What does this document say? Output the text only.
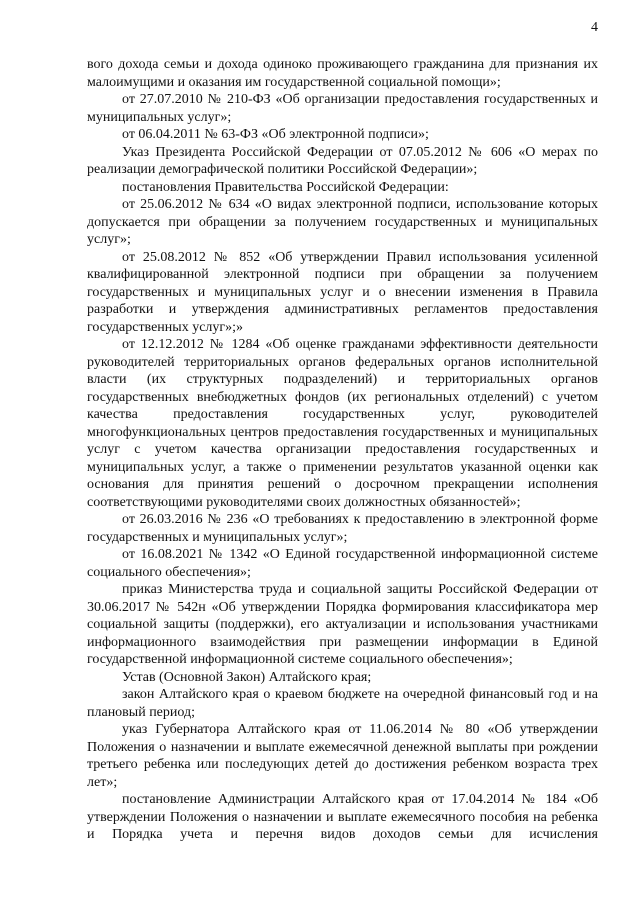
4

вого дохода семьи и дохода одиноко проживающего гражданина для признания их малоимущими и оказания им государственной социальной помощи»;

от 27.07.2010 № 210-ФЗ «Об организации предоставления государственных и муниципальных услуг»;

от 06.04.2011 № 63-ФЗ «Об электронной подписи»;

Указ Президента Российской Федерации от 07.05.2012 № 606 «О мерах по реализации демографической политики Российской Федерации»;

постановления Правительства Российской Федерации:

от 25.06.2012 № 634 «О видах электронной подписи, использование которых допускается при обращении за получением государственных и муниципальных услуг»;

от 25.08.2012 № 852 «Об утверждении Правил использования усиленной квалифицированной электронной подписи при обращении за получением государственных и муниципальных услуг и о внесении изменения в Правила разработки и утверждения административных регламентов предоставления государственных услуг»;»

от 12.12.2012 № 1284 «Об оценке гражданами эффективности деятельности руководителей территориальных органов федеральных органов исполнительной власти (их структурных подразделений) и территориальных органов государственных внебюджетных фондов (их региональных отделений) с учетом качества предоставления государственных услуг, руководителей многофункциональных центров предоставления государственных и муниципальных услуг с учетом качества организации предоставления государственных и муниципальных услуг, а также о применении результатов указанной оценки как основания для принятия решений о досрочном прекращении исполнения соответствующими руководителями своих должностных обязанностей»;

от 26.03.2016 № 236 «О требованиях к предоставлению в электронной форме государственных и муниципальных услуг»;

от 16.08.2021 № 1342 «О Единой государственной информационной системе социального обеспечения»;

приказ Министерства труда и социальной защиты Российской Федерации от 30.06.2017 № 542н «Об утверждении Порядка формирования классификатора мер социальной защиты (поддержки), его актуализации и использования участниками информационного взаимодействия при размещении информации в Единой государственной информационной системе социального обеспечения»;

Устав (Основной Закон) Алтайского края;

закон Алтайского края о краевом бюджете на очередной финансовый год и на плановый период;

указ Губернатора Алтайского края от 11.06.2014 № 80 «Об утверждении Положения о назначении и выплате ежемесячной денежной выплаты при рождении третьего ребенка или последующих детей до достижения ребенком возраста трех лет»;

постановление Администрации Алтайского края от 17.04.2014 № 184 «Об утверждении Положения о назначении и выплате ежемесячного пособия на ребенка и Порядка учета и перечня видов доходов семьи для исчисления
